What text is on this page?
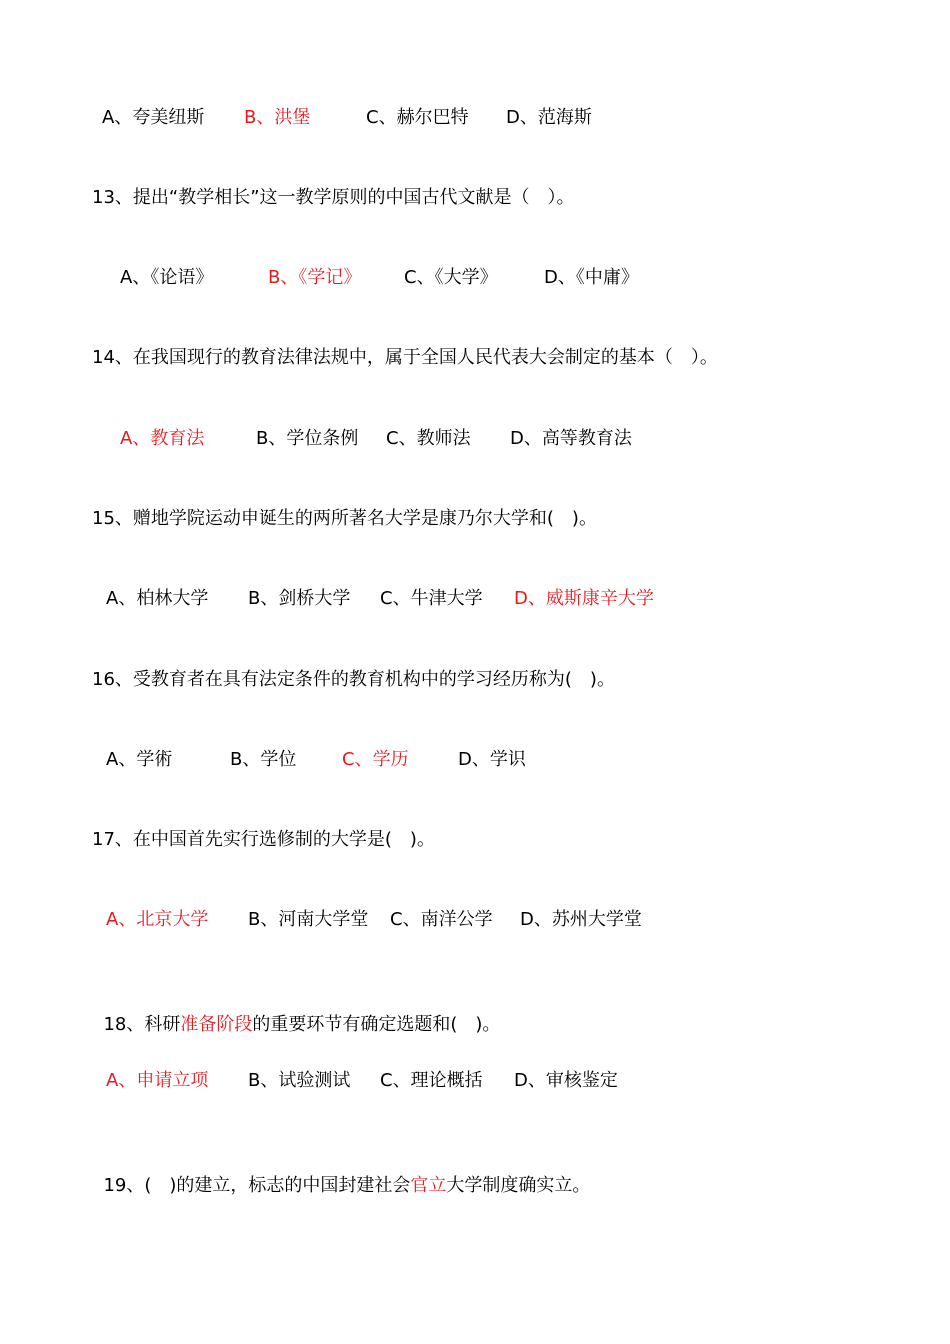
A、夸美纽斯

B、洪堡

	C、赫尔巴特

D、范海斯

13、提出“教学相长”这一教学原则的中国古代文献是（　）。

A、《论语》

	B、《学记》

C、《大学》

	D、《中庸》

14、在我国现行的教育法律法规中，属于全国人民代表大会制定的基本（　）。

A、教育法

	B、学位条例

C、教师法

D、高等教育法

15、赠地学院运动申诞生的两所著名大学是康乃尔大学和(　)。

A、柏林大学

B、剑桥大学

C、牛津大学

D、威斯康辛大学

16、受教育者在具有法定条件的教育机构中的学习经历称为(　)。

A、学術

	B、学位

	C、学历

	D、学识

17、在中国首先实行选修制的大学是(　)。

A、北京大学

B、河南大学堂

C、南洋公学

D、苏州大学堂

18、科研准备阶段的重要环节有确定选题和(　)。

A、申请立项

B、试验测试

C、理论概括

D、审核鉴定

19、(　)的建立，标志的中国封建社会官立大学制度确实立。
